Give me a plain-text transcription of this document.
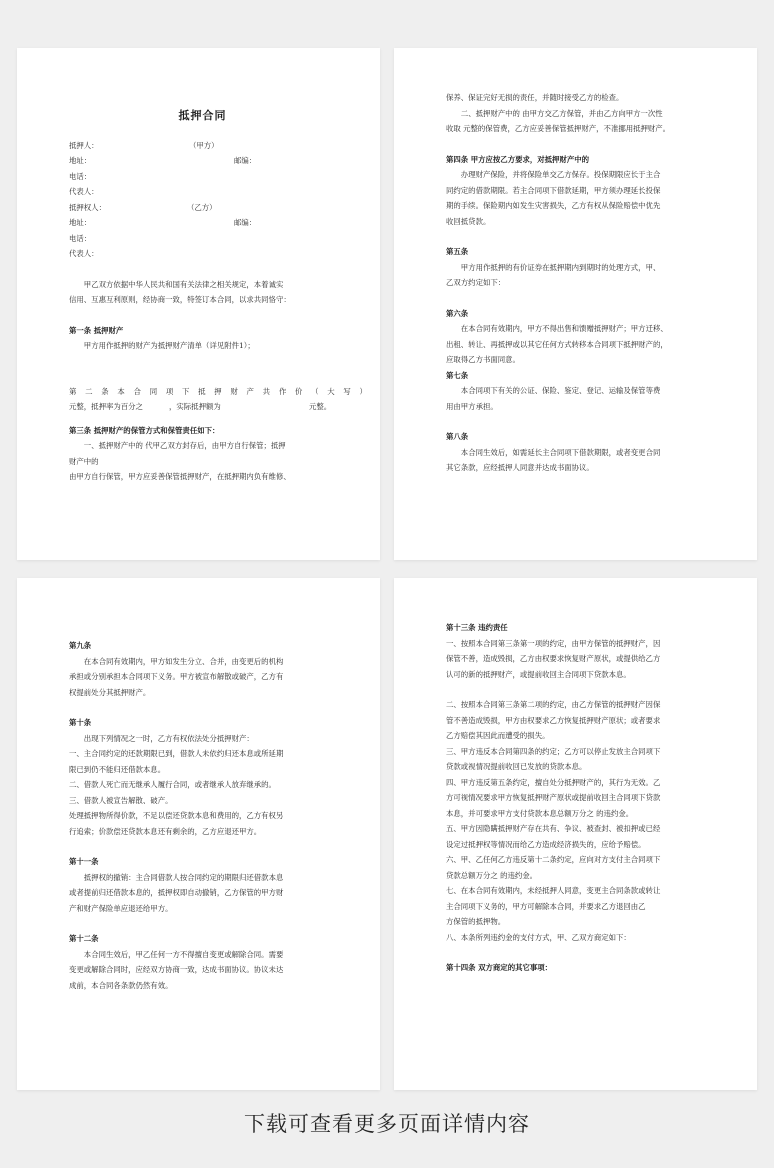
抵押合同
抵押人：	（甲方）
地址：	邮编：
电话：
代表人：
抵押权人：	（乙方）
地址：	邮编：
电话：
代表人：
甲乙双方依据中华人民共和国有关法律之相关规定，本着诚实
信用、互惠互利原则，经协商一致，特签订本合同，以求共同恪守：
第一条 抵押财产
甲方用作抵押的财产为抵押财产清单（详见附件1）；
第 二 条 本 合 同 项 下 抵 押 财 产 共 作 价 （ 大 写 ）
元整，抵押率为百分之	，实际抵押额为	元整。
第三条 抵押财产的保管方式和保管责任如下：
一、抵押财产中的 代甲乙双方封存后，由甲方自行保管；抵押
财产中的
由甲方自行保管，甲方应妥善保管抵押财产，在抵押期内负有维修、
保养、保证完好无损的责任，并随时接受乙方的检查。
二、抵押财产中的 由甲方交乙方保管，并由乙方向甲方一次性
收取 元整的保管费，乙方应妥善保管抵押财产，不准挪用抵押财产。
第四条 甲方应按乙方要求，对抵押财产中的
办理财产保险，并将保险单交乙方保存。投保期限应长于主合
同约定的借款期限。若主合同项下借款延期，甲方须办理延长投保
期的手续。保险期内如发生灾害损失，乙方有权从保险赔偿中优先
收回抵贷款。
第五条
甲方用作抵押的有价证券在抵押期内到期时的处理方式，甲、
乙双方约定如下：
第六条
在本合同有效期内，甲方不得出售和馈赠抵押财产；甲方迁移、
出租、转让、再抵押或以其它任何方式转移本合同项下抵押财产的，
应取得乙方书面同意。
第七条
本合同项下有关的公证、保险、鉴定、登记、运输及保管等费
用由甲方承担。
第八条
本合同生效后，如需延长主合同项下借款期限，或者变更合同
其它条款，应经抵押人同意并达成书面协议。
第九条
在本合同有效期内，甲方如发生分立、合并，由变更后的机构
承担或分别承担本合同项下义务。甲方被宣布解散或破产，乙方有
权提前处分其抵押财产。
第十条
出现下列情况之一时，乙方有权依法处分抵押财产：
一、主合同约定的还款期限已到，借款人未依约归还本息或所延期
限已到仍不能归还借款本息。
二、借款人死亡而无继承人履行合同，或者继承人放弃继承的。
三、借款人被宣告解散、破产。
处理抵押物所得价款，不足以偿还贷款本息和费用的，乙方有权另
行追索；价款偿还贷款本息还有剩余的，乙方应退还甲方。
第十一条
抵押权的撤销：主合同借款人按合同约定的期限归还借款本息
或者提前归还借款本息的，抵押权即自动撤销，乙方保管的甲方财
产和财产保险单应退还给甲方。
第十二条
本合同生效后，甲乙任何一方不得擅自变更或解除合同。需要
变更或解除合同时，应经双方协商一致，达成书面协议。协议未达
成前，本合同各条款仍然有效。
第十三条 违约责任
一、按照本合同第三条第一项的约定，由甲方保管的抵押财产，因
保管不善，造成毁损，乙方由权要求恢复财产原状，或提供给乙方
认可的新的抵押财产，或提前收回主合同项下贷款本息。
二、按照本合同第三条第二项的约定，由乙方保管的抵押财产因保
管不善造成毁损，甲方由权要求乙方恢复抵押财产原状；或者要求
乙方赔偿其因此而遭受的损失。
三、甲方违反本合同第四条的约定；乙方可以停止发放主合同项下
贷款或视情况提前收回已发放的贷款本息。
四、甲方违反第五条约定，擅自处分抵押财产的，其行为无效。乙
方可视情况要求甲方恢复抵押财产原状或提前收回主合同项下贷款
本息，并可要求甲方支付贷款本息总额万分之 的违约金。
五、甲方因隐瞒抵押财产存在共有、争议、被查封、被扣押或已经
设定过抵押权等情况而给乙方造成经济损失的，应给予赔偿。
六、甲、乙任何乙方违反第十二条约定，应向对方支付主合同项下
贷款总额万分之 的违约金。
七、在本合同有效期内，未经抵押人同意，变更主合同条款或转让
主合同项下义务的，甲方可解除本合同，并要求乙方退回由乙
方保管的抵押物。
八、本条所列违约金的支付方式，甲、乙双方商定如下：
第十四条 双方商定的其它事项：
下载可查看更多页面详情内容
